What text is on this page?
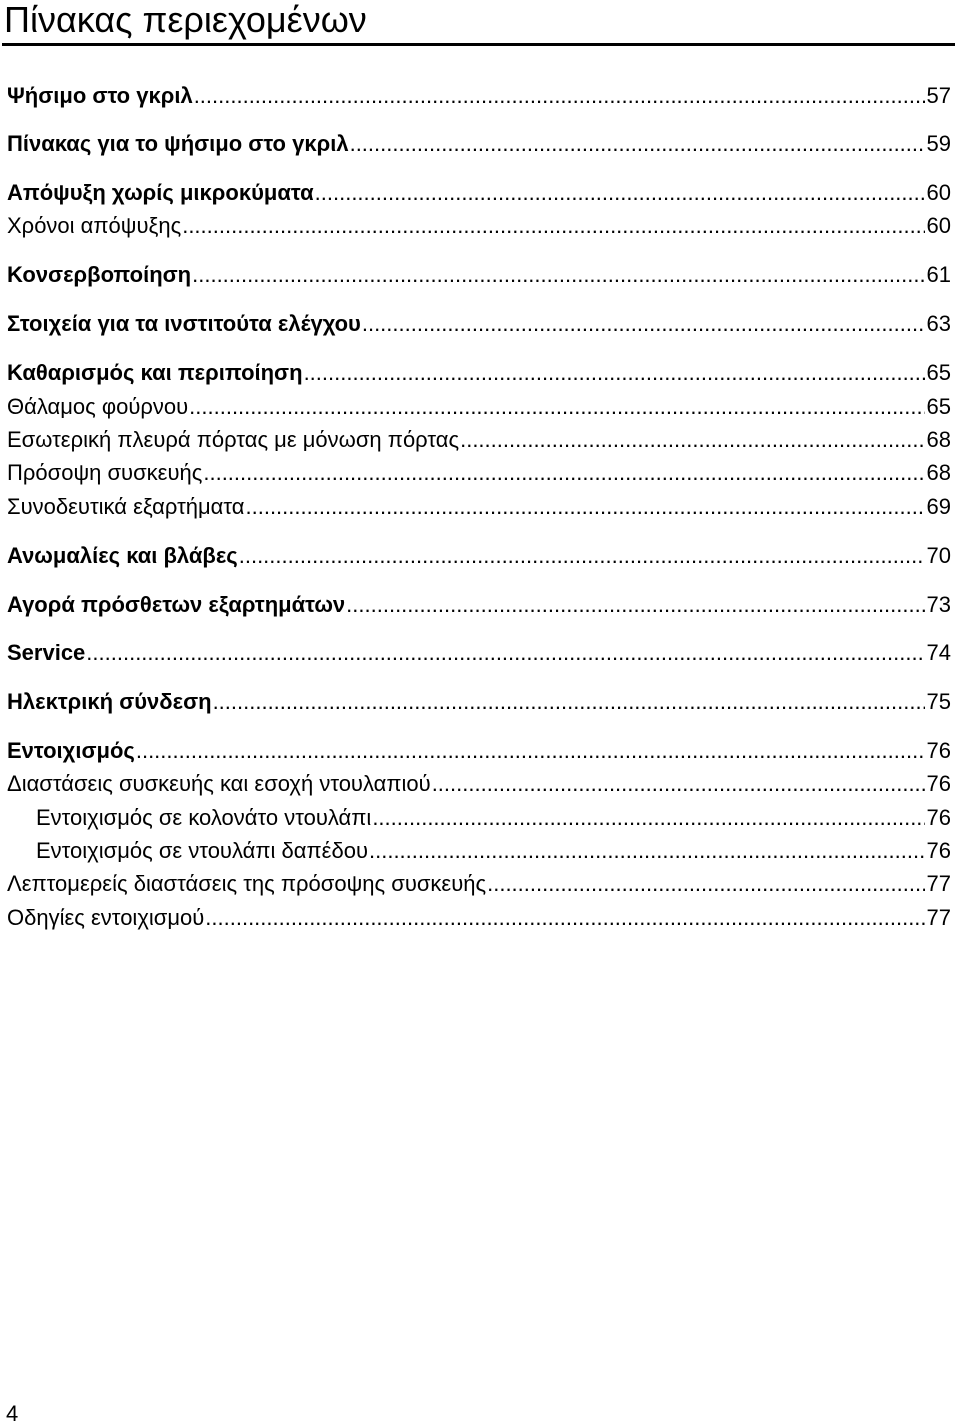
Πίνακας περιεχομένων
Ψήσιμο στο γκριλ .....	57
Πίνακας για το ψήσιμο στο γκριλ .....	59
Απόψυξη χωρίς μικροκύματα .....	60
Χρόνοι απόψυξης .....	60
Κονσερβοποίηση .....	61
Στοιχεία για τα ινστιτούτα ελέγχου .....	63
Καθαρισμός και περιποίηση .....	65
Θάλαμος φούρνου .....	65
Εσωτερική πλευρά πόρτας με μόνωση πόρτας .....	68
Πρόσοψη συσκευής .....	68
Συνοδευτικά εξαρτήματα .....	69
Ανωμαλίες και βλάβες .....	70
Αγορά πρόσθετων εξαρτημάτων .....	73
Service .....	74
Ηλεκτρική σύνδεση .....	75
Εντοιχισμός .....	76
Διαστάσεις συσκευής και εσοχή ντουλαπιού .....	76
Εντοιχισμός σε κολονάτο ντουλάπι .....	76
Εντοιχισμός σε ντουλάπι δαπέδου .....	76
Λεπτομερείς διαστάσεις της πρόσοψης συσκευής .....	77
Οδηγίες εντοιχισμού .....	77
4
